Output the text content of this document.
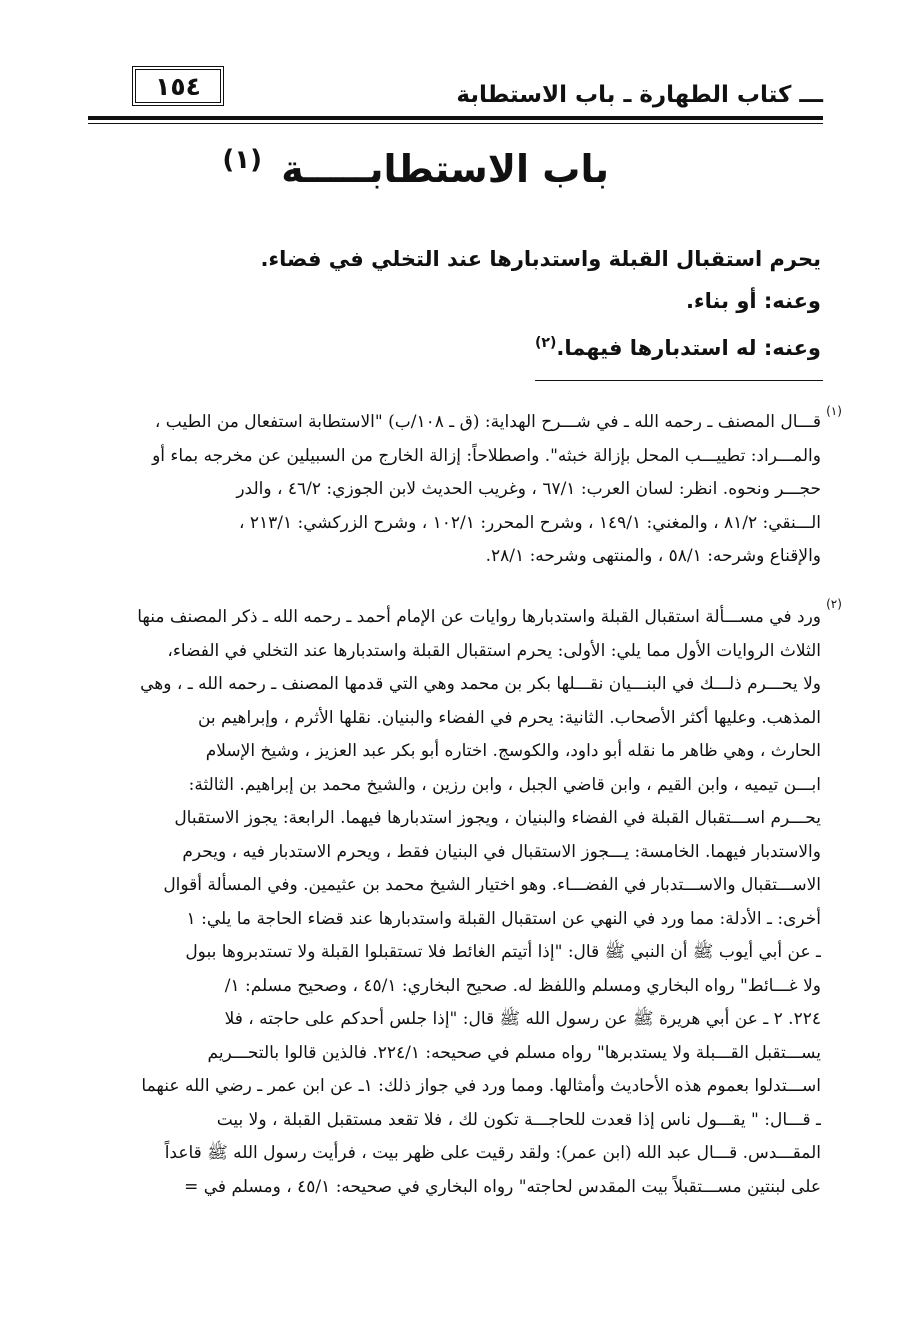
١٥٤	ـــ كتاب الطهارة ـ باب الاستطابة
باب الاستطابـــــة $^{(١)}$
يحرم استقبال القبلة واستدبارها عند التخلي في فضاء.
وعنه: أو بناء.
وعنه: له استدبارها فيهما.$^{(٢)}$
قـــال المصنف ـ رحمه الله ـ في شـــرح الهداية: (ق ـ ١٠٨/ب) "الاستطابة استفعال من الطيب ،
والمـــراد: تطييـــب المحل بإزالة خبثه". واصطلاحاً: إزالة الخارج من السبيلين عن مخرجه بماء أو
حجـــر ونحوه. انظر: لسان العرب: ٦٧/١ ، وغريب الحديث لابن الجوزي: ٤٦/٢ ، والدر
الـــنقي: ٨١/٢ ، والمغني: ١٤٩/١ ، وشرح المحرر: ١٠٢/١ ، وشرح الزركشي: ٢١٣/١ ،
والإقناع وشرحه: ٥٨/١ ، والمنتهى وشرحه: ٢٨/١.
ورد في مســـألة استقبال القبلة واستدبارها روايات عن الإمام أحمد ـ رحمه الله ـ ذكر المصنف منها
الثلاث الروايات الأول مما يلي: الأولى: يحرم استقبال القبلة واستدبارها عند التخلي في الفضاء،
ولا يحـــرم ذلـــك في البنـــيان نقـــلها بكر بن محمد وهي التي قدمها المصنف ـ رحمه الله ـ ، وهي
المذهب. وعليها أكثر الأصحاب. الثانية: يحرم في الفضاء والبنيان. نقلها الأثرم ، وإبراهيم بن
الحارث ، وهي ظاهر ما نقله أبو داود، والكوسج. اختاره أبو بكر عبد العزيز ، وشيخ الإسلام
ابـــن تيميه ، وابن القيم ، وابن قاضي الجبل ، وابن رزين ، والشيخ محمد بن إبراهيم. الثالثة:
يحـــرم اســـتقبال القبلة في الفضاء والبنيان ، ويجوز استدبارها فيهما. الرابعة: يجوز الاستقبال
والاستدبار فيهما. الخامسة: يـــجوز الاستقبال في البنيان فقط ، ويحرم الاستدبار فيه ، ويحرم
الاســـتقبال والاســـتدبار في الفضـــاء. وهو اختيار الشيخ محمد بن عثيمين. وفي المسألة أقوال
أخرى: ـ الأدلة: مما ورد في النهي عن استقبال القبلة واستدبارها عند قضاء الحاجة ما يلي: ١
ـ عن أبي أيوب ﷺ أن النبي ﷺ قال: "إذا أتيتم الغائط فلا تستقبلوا القبلة ولا تستدبروها ببول
ولا غـــائط" رواه البخاري ومسلم واللفظ له. صحيح البخاري: ٤٥/١ ، وصحيح مسلم: ١/
٢٢٤. ٢ ـ عن أبي هريرة ﷺ عن رسول الله ﷺ قال: "إذا جلس أحدكم على حاجته ، فلا
يســـتقبل القـــبلة ولا يستدبرها" رواه مسلم في صحيحه: ٢٢٤/١. فالذين قالوا بالتحـــريم
اســـتدلوا بعموم هذه الأحاديث وأمثالها. ومما ورد في جواز ذلك: ١ـ عن ابن عمر ـ رضي الله عنهما
ـ قـــال: " يقـــول ناس إذا قعدت للحاجـــة تكون لك ، فلا تقعد مستقبل القبلة ، ولا بيت
المقـــدس. قـــال عبد الله (ابن عمر): ولقد رقيت على ظهر بيت ، فرأيت رسول الله ﷺ قاعداً
على لبنتين مســـتقبلاً بيت المقدس لحاجته" رواه البخاري في صحيحه: ٤٥/١ ، ومسلم في =
(١)
(٢)
